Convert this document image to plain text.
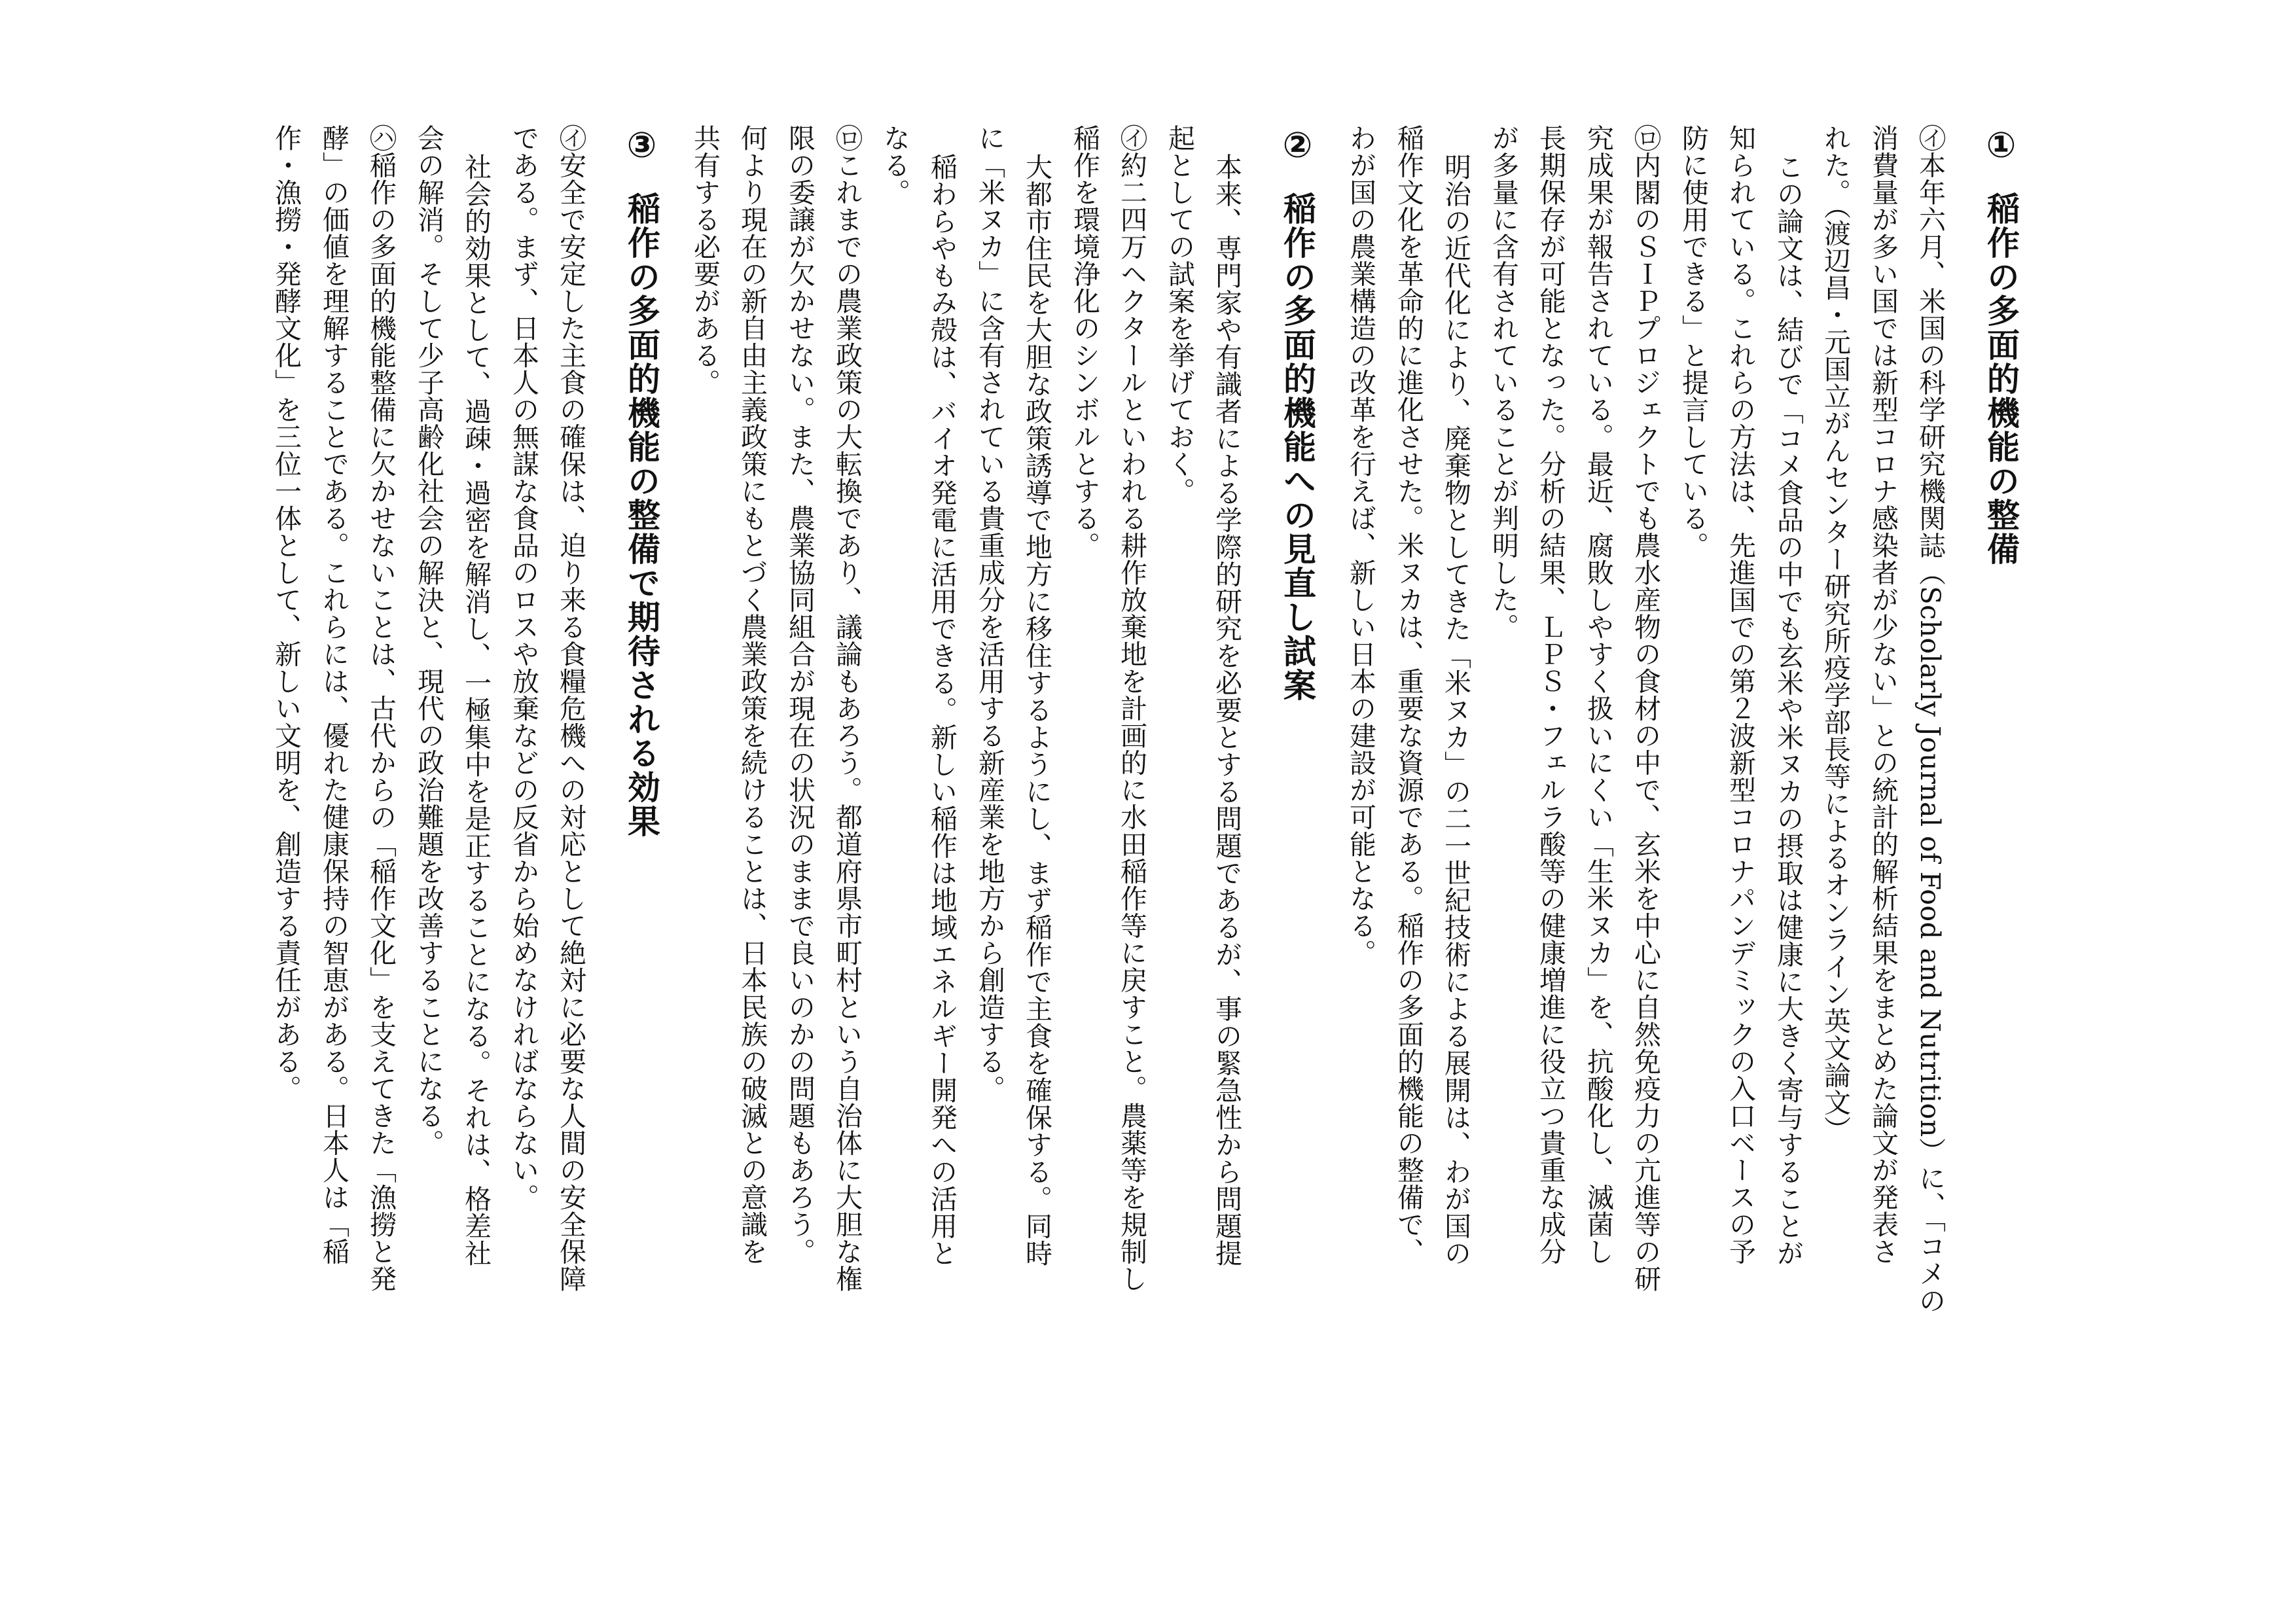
①稲作の多面的機能の整備
㋑本年六月、米国の科学研究機関誌（Scholarly Journal of Food and Nutrition）に、「コメの
消費量が多い国では新型コロナ感染者が少ない」との統計的解析結果をまとめた論文が発表さ
れた。（渡辺昌・元国立がんセンター研究所疫学部長等によるオンライン英文論文）
この論文は、結びで「コメ食品の中でも玄米や米ヌカの摂取は健康に大きく寄与することが
知られている。これらの方法は、先進国での第２波新型コロナパンデミックの入口ベースの予
防に使用できる」と提言している。
㋺内閣のＳＩＰプロジェクトでも農水産物の食材の中で、玄米を中心に自然免疫力の亢進等の研
究成果が報告されている。最近、腐敗しやすく扱いにくい「生米ヌカ」を、抗酸化し、滅菌し
長期保存が可能となった。分析の結果、ＬＰＳ・フェルラ酸等の健康増進に役立つ貴重な成分
が多量に含有されていることが判明した。
明治の近代化により、廃棄物としてきた「米ヌカ」の二一世紀技術による展開は、わが国の
稲作文化を革命的に進化させた。米ヌカは、重要な資源である。稲作の多面的機能の整備で、
わが国の農業構造の改革を行えば、新しい日本の建設が可能となる。
②稲作の多面的機能への見直し試案
本来、専門家や有識者による学際的研究を必要とする問題であるが、事の緊急性から問題提
起としての試案を挙げておく。
㋑約二四万ヘクタールといわれる耕作放棄地を計画的に水田稲作等に戻すこと。農薬等を規制し
稲作を環境浄化のシンボルとする。
大都市住民を大胆な政策誘導で地方に移住するようにし、まず稲作で主食を確保する。同時
に「米ヌカ」に含有されている貴重成分を活用する新産業を地方から創造する。
稲わらやもみ殻は、バイオ発電に活用できる。新しい稲作は地域エネルギー開発への活用と
なる。
㋺これまでの農業政策の大転換であり、議論もあろう。都道府県市町村という自治体に大胆な権
限の委譲が欠かせない。また、農業協同組合が現在の状況のままで良いのかの問題もあろう。
何より現在の新自由主義政策にもとづく農業政策を続けることは、日本民族の破滅との意識を
共有する必要がある。
③稲作の多面的機能の整備で期待される効果
㋑安全で安定した主食の確保は、迫り来る食糧危機への対応として絶対に必要な人間の安全保障
である。まず、日本人の無謀な食品のロスや放棄などの反省から始めなければならない。
社会的効果として、過疎・過密を解消し、一極集中を是正することになる。それは、格差社
会の解消。そして少子高齢化社会の解決と、現代の政治難題を改善することになる。
㋩稲作の多面的機能整備に欠かせないことは、古代からの「稲作文化」を支えてきた「漁撈と発
酵」の価値を理解することである。これらには、優れた健康保持の智恵がある。日本人は「稲
作・漁撈・発酵文化」を三位一体として、新しい文明を、創造する責任がある。
